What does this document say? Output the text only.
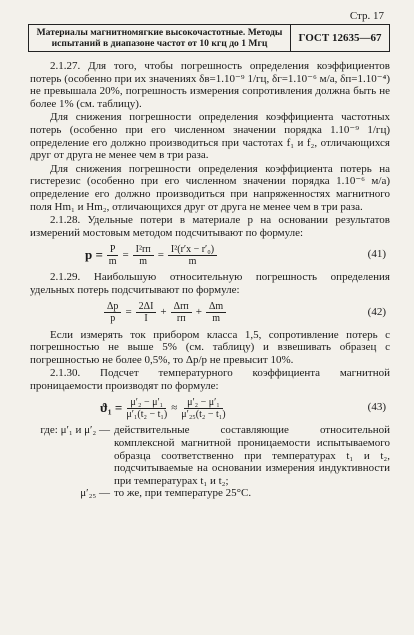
Стр. 17
Материалы магнитномягкие высокочастотные. Методы
испытаний в диапазоне частот от 10 кгц до 1 Мгц	ГОСТ 12635—67

2.1.27. Для того, чтобы погрешность определения коэффициентов потерь (особенно при их значениях δв=1.10⁻⁹ 1/гц, δг=1.10⁻⁶ м/а, δп=1.10⁻⁴) не превышала 20%, погрешность измерения сопротивления должна быть не более 1% (см. таблицу).

Для снижения погрешности определения коэффициента частотных потерь (особенно при его численном значении порядка 1.10⁻⁹ 1/гц) определение его должно производиться при частотах f₁ и f₂, отличающихся друг от друга не менее чем в три раза.

Для снижения погрешности определения коэффициента потерь на гистерезис (особенно при его численном значении порядка 1.10⁻⁶ м/а) определение его должно производиться при напряженностях магнитного поля Hm₁ и Hm₂, отличающихся друг от друга не менее чем в три раза.

2.1.28. Удельные потери в материале p на основании результатов измерений мостовым методом подсчитывают по формуле:

$p = \frac{P}{m} = \frac{\text{I²rп}}{m} = \frac{\text{I²(r′x − r′₀)}}{m}$	(41)

2.1.29. Наибольшую относительную погрешность определения удельных потерь подсчитывают по формуле:

$\frac{\Delta p}{p} = \frac{2\Delta I}{I} + \frac{\text{Δrп}}{rп} + \frac{\Delta m}{m}$	(42)

Если измерять ток прибором класса 1,5, сопротивление потерь с погрешностью не выше 5% (см. таблицу) и взвешивать образец с погрешностью не более 0,5%, то Δp/p не превысит 10%.

2.1.30. Подсчет температурного коэффициента магнитной проницаемости производят по формуле:

$ϑ_1 = \frac{\text{μ′₂ − μ′₁}}{\text{μ′₁(t₂ − t₁)}} \approx \frac{\text{μ′₂ − μ′₁}}{\text{μ′₂₅(t₂ − t₁)}}$	(43)
где: μ′₁ и μ′₂ — действительные составляющие относительной комплексной магнитной проницаемости испытываемого образца соответственно при температурах t₁ и t₂, подсчитываемые на основании измерения индуктивности при температурах t₁ и t₂;
μ′₂₅ — то же, при температуре 25°С.
